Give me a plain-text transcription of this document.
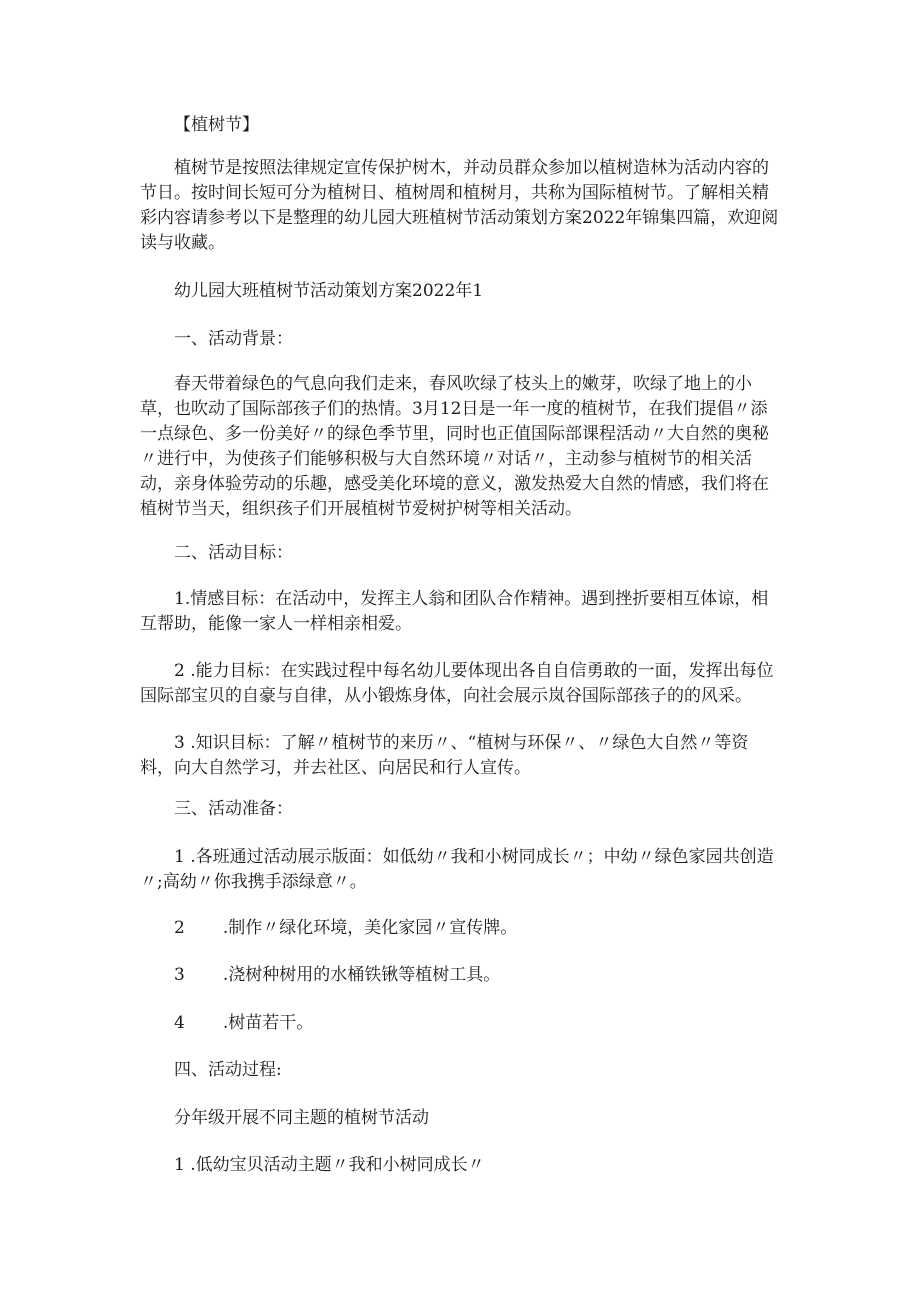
【植树节】

植树节是按照法律规定宣传保护树木，并动员群众参加以植树造林为活动内容的节日。按时间长短可分为植树日、植树周和植树月，共称为国际植树节。了解相关精彩内容请参考以下是整理的幼儿园大班植树节活动策划方案2022年锦集四篇，欢迎阅读与收藏。

幼儿园大班植树节活动策划方案2022年1

一、活动背景：

春天带着绿色的气息向我们走来，春风吹绿了枝头上的嫩芽，吹绿了地上的小草，也吹动了国际部孩子们的热情。3月12日是一年一度的植树节，在我们提倡〃添一点绿色、多一份美好〃的绿色季节里，同时也正值国际部课程活动〃大自然的奥秘〃进行中，为使孩子们能够积极与大自然环境〃对话〃，主动参与植树节的相关活动，亲身体验劳动的乐趣，感受美化环境的意义，激发热爱大自然的情感，我们将在植树节当天，组织孩子们开展植树节爱树护树等相关活动。

二、活动目标：

1.情感目标：在活动中，发挥主人翁和团队合作精神。遇到挫折要相互体谅，相互帮助，能像一家人一样相亲相爱。

2 .能力目标：在实践过程中每名幼儿要体现出各自自信勇敢的一面，发挥出每位国际部宝贝的自豪与自律，从小锻炼身体，向社会展示岚谷国际部孩子的的风采。

3 .知识目标：了解〃植树节的来历〃、“植树与环保〃、〃绿色大自然〃等资料，向大自然学习，并去社区、向居民和行人宣传。

三、活动准备：

1 .各班通过活动展示版面：如低幼〃我和小树同成长〃；中幼〃绿色家园共创造〃;高幼〃你我携手添绿意〃。

2 .制作〃绿化环境，美化家园〃宣传牌。

3 .浇树种树用的水桶铁锹等植树工具。

4 .树苗若干。

四、活动过程:

分年级开展不同主题的植树节活动

1 .低幼宝贝活动主题〃我和小树同成长〃
